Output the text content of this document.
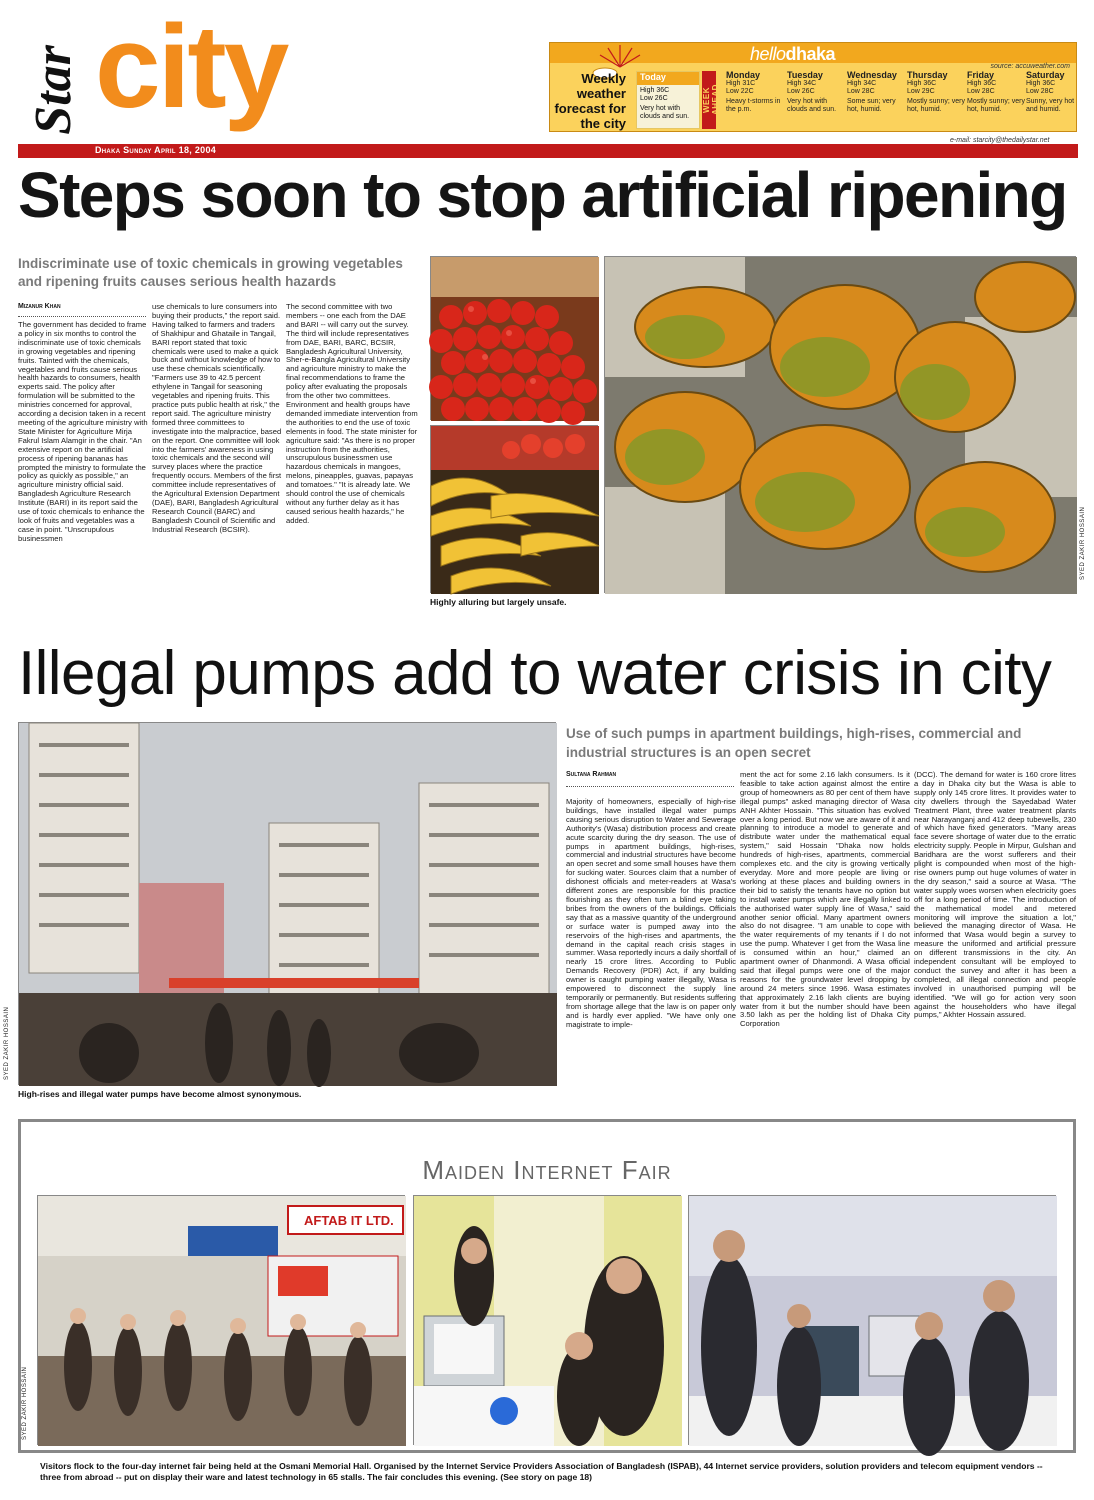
Star city
Dhaka Sunday April 18, 2004
hellodhaka
source: accuweather.com
Weekly weather forecast for the city
Today
High 36C
Low 26C
Very hot with clouds and sun.
WEEK AHEAD
Monday
High 31C
Low 22C
Heavy t-storms in the p.m.
Tuesday
High 34C
Low 26C
Very hot with clouds and sun.
Wednesday
High 34C
Low 28C
Some sun; very hot, humid.
Thursday
High 36C
Low 29C
Mostly sunny; very hot, humid.
Friday
High 36C
Low 28C
Mostly sunny; very hot, humid.
Saturday
High 36C
Low 28C
Sunny, very hot and humid.
e-mail: starcity@thedailystar.net
Steps soon to stop artificial ripening
Indiscriminate use of toxic chemicals in growing vegetables and ripening fruits causes serious health hazards
Mizanur Khan
The government has decided to frame a policy in six months to control the indiscriminate use of toxic chemicals in growing vegetables and ripening fruits. Tainted with the chemicals, vegetables and fruits cause serious health hazards to consumers, health experts said. The policy after formulation will be submitted to the ministries concerned for approval, according a decision taken in a recent meeting of the agriculture ministry with State Minister for Agriculture Mirja Fakrul Islam Alamgir in the chair. "An extensive report on the artificial process of ripening bananas has prompted the ministry to formulate the policy as quickly as possible," an agriculture ministry official said. Bangladesh Agriculture Research Institute (BARI) in its report said the use of toxic chemicals to enhance the look of fruits and vegetables was a case in point. "Unscrupulous businessmen
use chemicals to lure consumers into buying their products," the report said. Having talked to farmers and traders of Shakhipur and Ghataile in Tangail, BARI report stated that toxic chemicals were used to make a quick buck and without knowledge of how to use these chemicals scientifically. "Farmers use 39 to 42.5 percent ethylene in Tangail for seasoning vegetables and ripening fruits. This practice puts public health at risk," the report said. The agriculture ministry formed three committees to investigate into the malpractice, based on the report. One committee will look into the farmers' awareness in using toxic chemicals and the second will survey places where the practice frequently occurs. Members of the first committee include representatives of the Agricultural Extension Department (DAE), BARI, Bangladesh Agricultural Research Council (BARC) and Bangladesh Council of Scientific and Industrial Research (BCSIR).
The second committee with two members -- one each from the DAE and BARI -- will carry out the survey. The third will include representatives from DAE, BARI, BARC, BCSIR, Bangladesh Agricultural University, Sher-e-Bangla Agricultural University and agriculture ministry to make the final recommendations to frame the policy after evaluating the proposals from the other two committees. Environment and health groups have demanded immediate intervention from the authorities to end the use of toxic elements in food. The state minister for agriculture said: "As there is no proper instruction from the authorities, unscrupulous businessmen use hazardous chemicals in mangoes, melons, pineapples, guavas, papayas and tomatoes." "It is already late. We should control the use of chemicals without any further delay as it has caused serious health hazards," he added.	SYED ZAKIR HOSSAIN
Highly alluring but largely unsafe.
Illegal pumps add to water crisis in city
SYED ZAKIR HOSSAIN
High-rises and illegal water pumps have become almost synonymous.
Use of such pumps in apartment buildings, high-rises, commercial and industrial structures is an open secret
Sultana Rahman
Majority of homeowners, especially of high-rise buildings, have installed illegal water pumps causing serious disruption to Water and Sewerage Authority's (Wasa) distribution process and create acute scarcity during the dry season. The use of pumps in apartment buildings, high-rises, commercial and industrial structures have become an open secret and some small houses have them for sucking water. Sources claim that a number of dishonest officials and meter-readers at Wasa's different zones are responsible for this practice flourishing as they often turn a blind eye taking bribes from the owners of the buildings. Officials say that as a massive quantity of the underground or surface water is pumped away into the reservoirs of the high-rises and apartments, the demand in the capital reach crisis stages in summer. Wasa reportedly incurs a daily shortfall of nearly 15 crore litres. According to Public Demands Recovery (PDR) Act, if any building owner is caught pumping water illegally, Wasa is empowered to disconnect the supply line temporarily or permanently. But residents suffering from shortage allege that the law is on paper only and is hardly ever applied. "We have only one magistrate to imple-
ment the act for some 2.16 lakh consumers. Is it feasible to take action against almost the entire group of homeowners as 80 per cent of them have illegal pumps" asked managing director of Wasa ANH Akhter Hossain. "This situation has evolved over a long period. But now we are aware of it and planning to introduce a model to generate and distribute water under the mathematical equal system," said Hossain "Dhaka now holds hundreds of high-rises, apartments, commercial complexes etc. and the city is growing vertically everyday. More and more people are living or working at these places and building owners in their bid to satisfy the tenants have no option but to install water pumps which are illegally linked to the authorised water supply line of Wasa," said another senior official. Many apartment owners also do not disagree. "I am unable to cope with the water requirements of my tenants if I do not use the pump. Whatever I get from the Wasa line is consumed within an hour," claimed an apartment owner of Dhanmondi. A Wasa official said that illegal pumps were one of the major reasons for the groundwater level dropping by around 24 meters since 1996. Wasa estimates that approximately 2.16 lakh clients are buying water from it but the number should have been 3.50 lakh as per the holding list of Dhaka City Corporation
(DCC). The demand for water is 160 crore litres a day in Dhaka city but the Wasa is able to supply only 145 crore litres. It provides water to city dwellers through the Sayedabad Water Treatment Plant, three water treatment plants near Narayanganj and 412 deep tubewells, 230 of which have fixed generators. "Many areas face severe shortage of water due to the erratic electricity supply. People in Mirpur, Gulshan and Baridhara are the worst sufferers and their plight is compounded when most of the high-rise owners pump out huge volumes of water in the dry season," said a source at Wasa. "The water supply woes worsen when electricity goes off for a long period of time. The introduction of the mathematical model and metered monitoring will improve the situation a lot," believed the managing director of Wasa. He informed that Wasa would begin a survey to measure the uniformed and artificial pressure on different transmissions in the city. An independent consultant will be employed to conduct the survey and after it has been a completed, all illegal connection and people involved in unauthorised pumping will be identified. "We will go for action very soon against the householders who have illegal pumps," Akhter Hossain assured.
Maiden Internet Fair
AFTAB IT LTD.
SYED ZAKIR HOSSAIN
Visitors flock to the four-day internet fair being held at the Osmani Memorial Hall. Organised by the Internet Service Providers Association of Bangladesh (ISPAB), 44 Internet service providers, solution providers and telecom equipment vendors -- three from abroad -- put on display their ware and latest technology in 65 stalls. The fair concludes this evening. (See story on page 18)
